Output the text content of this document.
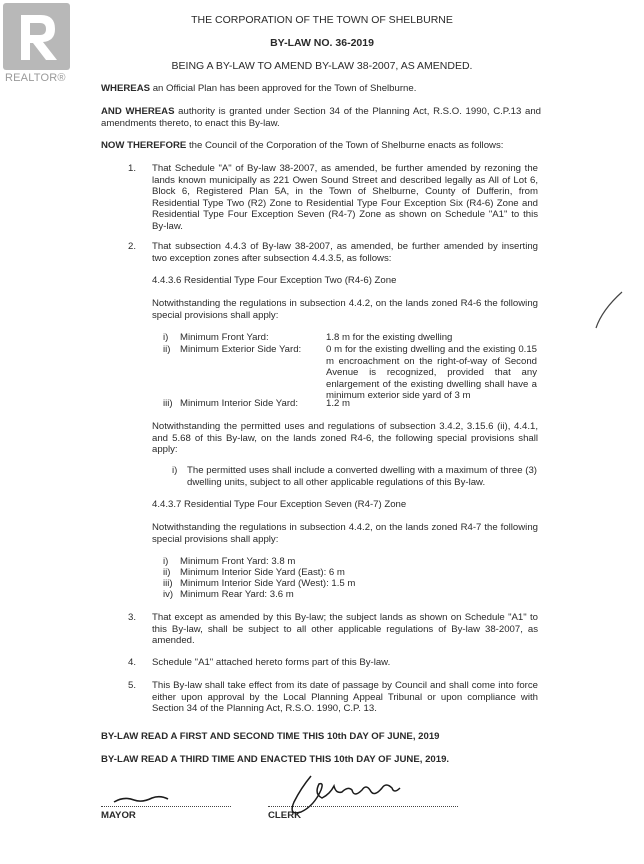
REALTOR®
THE CORPORATION OF THE TOWN OF SHELBURNE
BY-LAW NO. 36-2019
BEING A BY-LAW TO AMEND BY-LAW 38-2007, AS AMENDED.
WHEREAS an Official Plan has been approved for the Town of Shelburne.
AND WHEREAS authority is granted under Section 34 of the Planning Act, R.S.O. 1990, C.P.13 and amendments thereto, to enact this By-law.
NOW THEREFORE the Council of the Corporation of the Town of Shelburne enacts as follows:
1. That Schedule "A" of By-law 38-2007, as amended, be further amended by rezoning the lands known municipally as 221 Owen Sound Street and described legally as All of Lot 6, Block 6, Registered Plan 5A, in the Town of Shelburne, County of Dufferin, from Residential Type Two (R2) Zone to Residential Type Four Exception Six (R4-6) Zone and Residential Type Four Exception Seven (R4-7) Zone as shown on Schedule "A1" to this By-law.
2. That subsection 4.4.3 of By-law 38-2007, as amended, be further amended by inserting two exception zones after subsection 4.4.3.5, as follows:
4.4.3.6 Residential Type Four Exception Two (R4-6) Zone
Notwithstanding the regulations in subsection 4.4.2, on the lands zoned R4-6 the following special provisions shall apply:
i) Minimum Front Yard:	1.8 m for the existing dwelling
ii) Minimum Exterior Side Yard:	0 m for the existing dwelling and the existing 0.15 m encroachment on the right-of-way of Second Avenue is recognized, provided that any enlargement of the existing dwelling shall have a minimum exterior side yard of 3 m
iii) Minimum Interior Side Yard:	1.2 m
Notwithstanding the permitted uses and regulations of subsection 3.4.2, 3.15.6 (ii), 4.4.1, and 5.68 of this By-law, on the lands zoned R4-6, the following special provisions shall apply:
i) The permitted uses shall include a converted dwelling with a maximum of three (3) dwelling units, subject to all other applicable regulations of this By-law.
4.4.3.7 Residential Type Four Exception Seven (R4-7) Zone
Notwithstanding the regulations in subsection 4.4.2, on the lands zoned R4-7 the following special provisions shall apply:
i) Minimum Front Yard: 3.8 m
ii) Minimum Interior Side Yard (East): 6 m
iii) Minimum Interior Side Yard (West): 1.5 m
iv) Minimum Rear Yard: 3.6 m
3. That except as amended by this By-law; the subject lands as shown on Schedule "A1" to this By-law, shall be subject to all other applicable regulations of By-law 38-2007, as amended.
4. Schedule "A1" attached hereto forms part of this By-law.
5. This By-law shall take effect from its date of passage by Council and shall come into force either upon approval by the Local Planning Appeal Tribunal or upon compliance with Section 34 of the Planning Act, R.S.O. 1990, C.P. 13.
BY-LAW READ A FIRST AND SECOND TIME THIS 10th DAY OF JUNE, 2019
BY-LAW READ A THIRD TIME AND ENACTED THIS 10th DAY OF JUNE, 2019.
MAYOR	CLERK
